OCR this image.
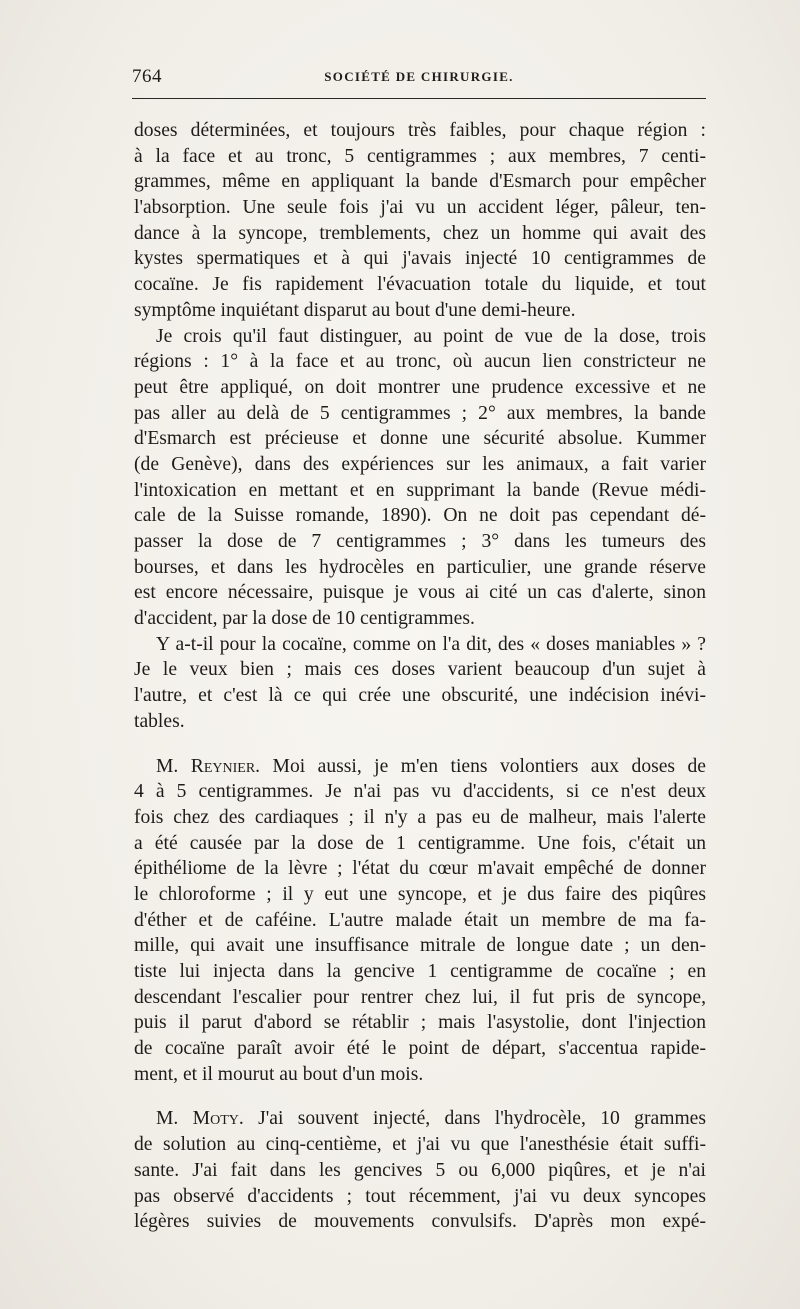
764	SOCIÉTÉ DE CHIRURGIE.
doses déterminées, et toujours très faibles, pour chaque région :
à la face et au tronc, 5 centigrammes ; aux membres, 7 centi-
grammes, même en appliquant la bande d'Esmarch pour empêcher
l'absorption. Une seule fois j'ai vu un accident léger, pâleur, ten-
dance à la syncope, tremblements, chez un homme qui avait des
kystes spermatiques et à qui j'avais injecté 10 centigrammes de
cocaïne. Je fis rapidement l'évacuation totale du liquide, et tout
symptôme inquiétant disparut au bout d'une demi-heure.
Je crois qu'il faut distinguer, au point de vue de la dose, trois
régions : 1° à la face et au tronc, où aucun lien constricteur ne
peut être appliqué, on doit montrer une prudence excessive et ne
pas aller au delà de 5 centigrammes ; 2° aux membres, la bande
d'Esmarch est précieuse et donne une sécurité absolue. Kummer
(de Genève), dans des expériences sur les animaux, a fait varier
l'intoxication en mettant et en supprimant la bande (Revue médi-
cale de la Suisse romande, 1890). On ne doit pas cependant dé-
passer la dose de 7 centigrammes ; 3° dans les tumeurs des
bourses, et dans les hydrocèles en particulier, une grande réserve
est encore nécessaire, puisque je vous ai cité un cas d'alerte, sinon
d'accident, par la dose de 10 centigrammes.
Y a-t-il pour la cocaïne, comme on l'a dit, des « doses maniables » ?
Je le veux bien ; mais ces doses varient beaucoup d'un sujet à
l'autre, et c'est là ce qui crée une obscurité, une indécision inévi-
tables.
M. Reynier. Moi aussi, je m'en tiens volontiers aux doses de
4 à 5 centigrammes. Je n'ai pas vu d'accidents, si ce n'est deux
fois chez des cardiaques ; il n'y a pas eu de malheur, mais l'alerte
a été causée par la dose de 1 centigramme. Une fois, c'était un
épithéliome de la lèvre ; l'état du cœur m'avait empêché de donner
le chloroforme ; il y eut une syncope, et je dus faire des piqûres
d'éther et de caféine. L'autre malade était un membre de ma fa-
mille, qui avait une insuffisance mitrale de longue date ; un den-
tiste lui injecta dans la gencive 1 centigramme de cocaïne ; en
descendant l'escalier pour rentrer chez lui, il fut pris de syncope,
puis il parut d'abord se rétablir ; mais l'asystolie, dont l'injection
de cocaïne paraît avoir été le point de départ, s'accentua rapide-
ment, et il mourut au bout d'un mois.
M. Moty. J'ai souvent injecté, dans l'hydrocèle, 10 grammes
de solution au cinq-centième, et j'ai vu que l'anesthésie était suffi-
sante. J'ai fait dans les gencives 5 ou 6,000 piqûres, et je n'ai
pas observé d'accidents ; tout récemment, j'ai vu deux syncopes
légères suivies de mouvements convulsifs. D'après mon expé-
